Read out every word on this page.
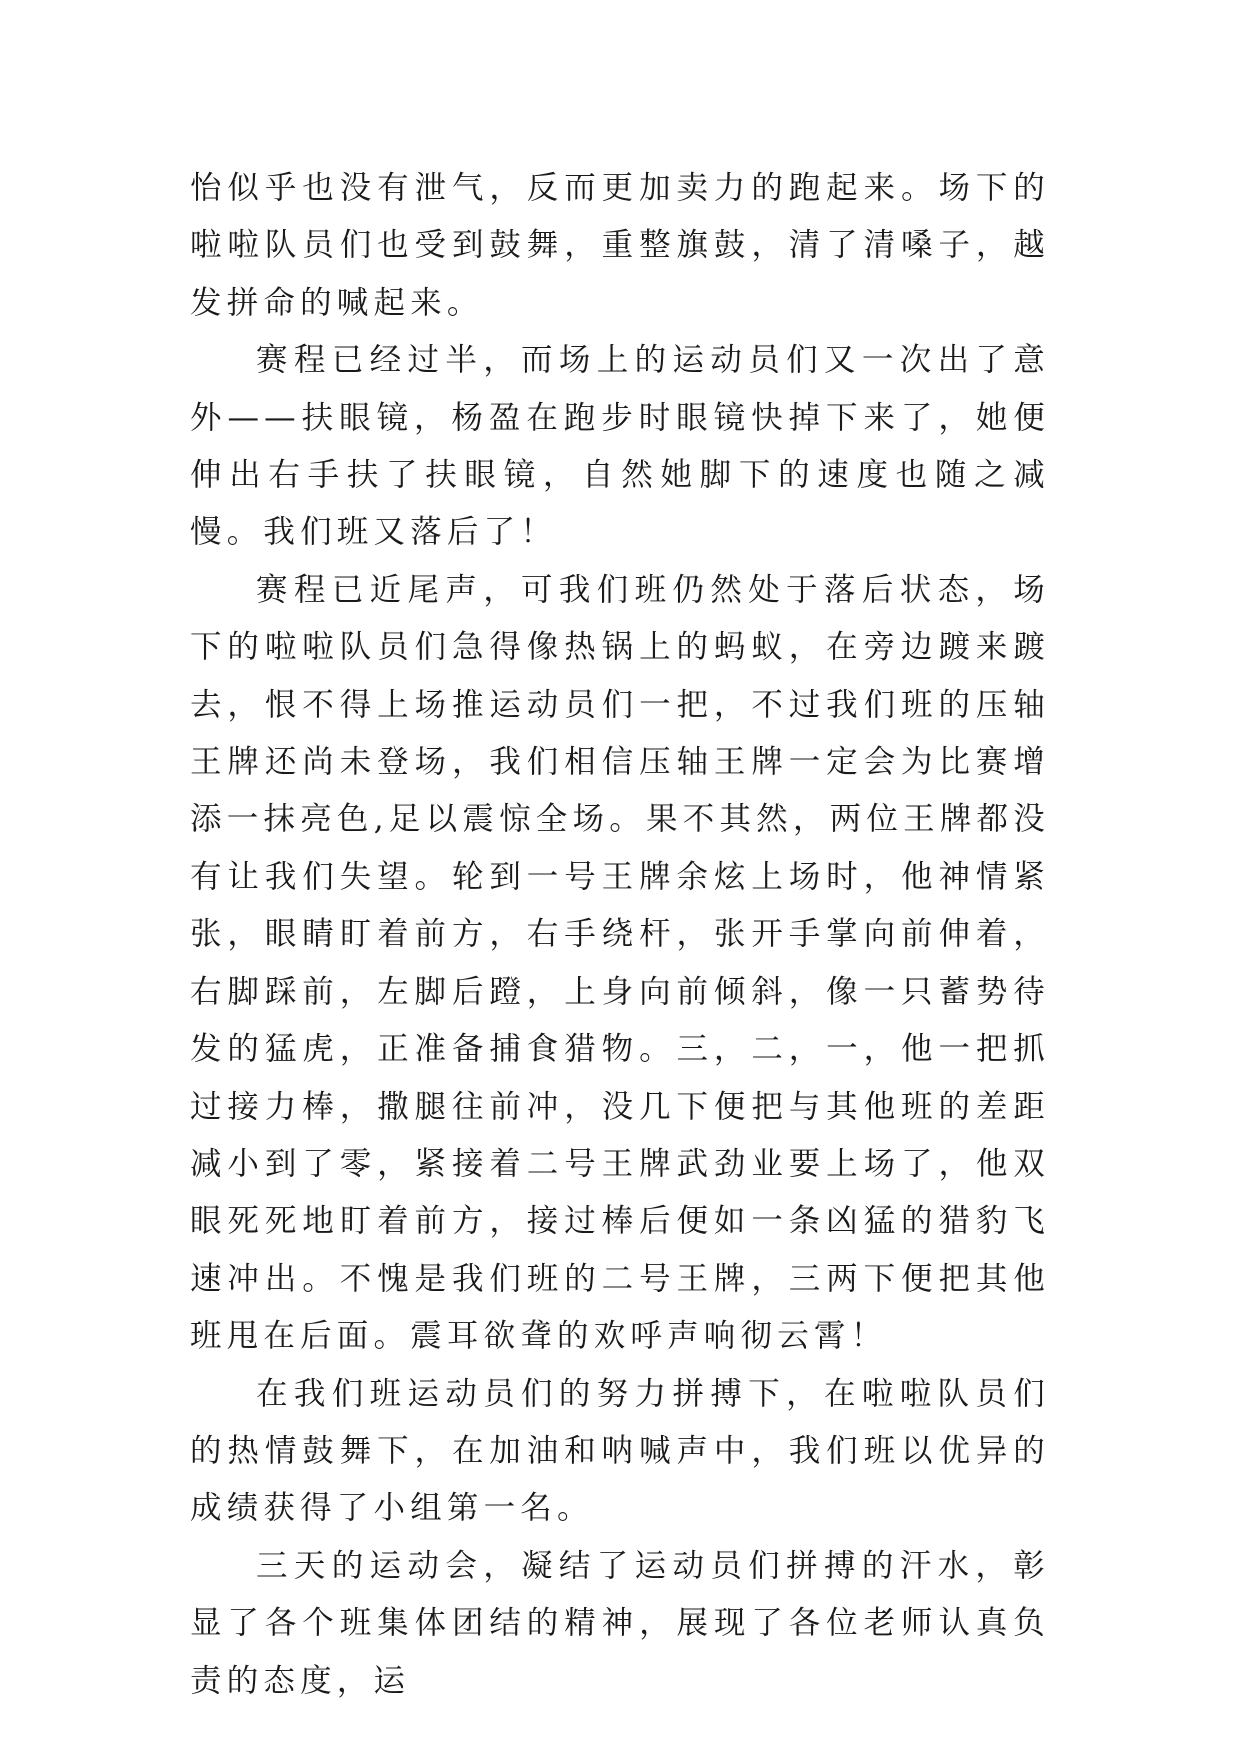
怡似乎也没有泄气，反而更加卖力的跑起来。场下的啦啦队员们也受到鼓舞，重整旗鼓，清了清嗓子，越发拼命的喊起来。

赛程已经过半，而场上的运动员们又一次出了意外——扶眼镜，杨盈在跑步时眼镜快掉下来了，她便伸出右手扶了扶眼镜，自然她脚下的速度也随之减慢。我们班又落后了！

赛程已近尾声，可我们班仍然处于落后状态，场下的啦啦队员们急得像热锅上的蚂蚁，在旁边踱来踱去，恨不得上场推运动员们一把，不过我们班的压轴王牌还尚未登场，我们相信压轴王牌一定会为比赛增添一抹亮色,足以震惊全场。果不其然，两位王牌都没有让我们失望。轮到一号王牌余炫上场时，他神情紧张，眼睛盯着前方，右手绕杆，张开手掌向前伸着，右脚踩前，左脚后蹬，上身向前倾斜，像一只蓄势待发的猛虎，正准备捕食猎物。三，二，一，他一把抓过接力棒，撒腿往前冲，没几下便把与其他班的差距减小到了零，紧接着二号王牌武劲业要上场了，他双眼死死地盯着前方，接过棒后便如一条凶猛的猎豹飞速冲出。不愧是我们班的二号王牌，三两下便把其他班甩在后面。震耳欲聋的欢呼声响彻云霄！

在我们班运动员们的努力拼搏下，在啦啦队员们的热情鼓舞下，在加油和呐喊声中，我们班以优异的成绩获得了小组第一名。

三天的运动会，凝结了运动员们拼搏的汗水，彰显了各个班集体团结的精神，展现了各位老师认真负责的态度，运
